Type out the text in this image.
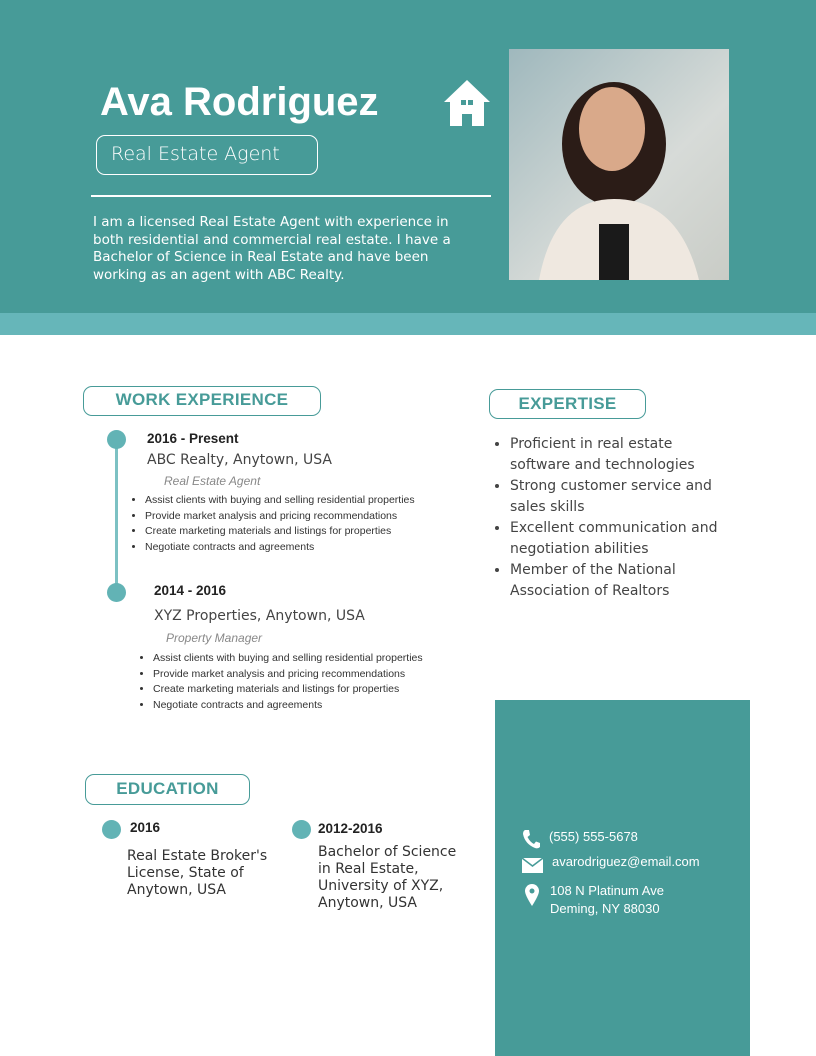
Ava Rodriguez
Real Estate Agent
I am a licensed Real Estate Agent with experience in both residential and commercial real estate. I have a Bachelor of Science in Real Estate and have been working as an agent with ABC Realty.
WORK EXPERIENCE
2016 - Present
ABC Realty, Anytown, USA
Real Estate Agent
• Assist clients with buying and selling residential properties
• Provide market analysis and pricing recommendations
• Create marketing materials and listings for properties
• Negotiate contracts and agreements
2014 - 2016
XYZ Properties, Anytown, USA
Property Manager
• Assist clients with buying and selling residential properties
• Provide market analysis and pricing recommendations
• Create marketing materials and listings for properties
• Negotiate contracts and agreements
EXPERTISE
• Proficient in real estate software and technologies
• Strong customer service and sales skills
• Excellent communication and negotiation abilities
• Member of the National Association of Realtors
EDUCATION
2016
Real Estate Broker's License, State of Anytown, USA
2012-2016
Bachelor of Science in Real Estate, University of XYZ, Anytown, USA
(555) 555-5678
avarodriguez@email.com
108 N Platinum Ave
Deming, NY 88030
